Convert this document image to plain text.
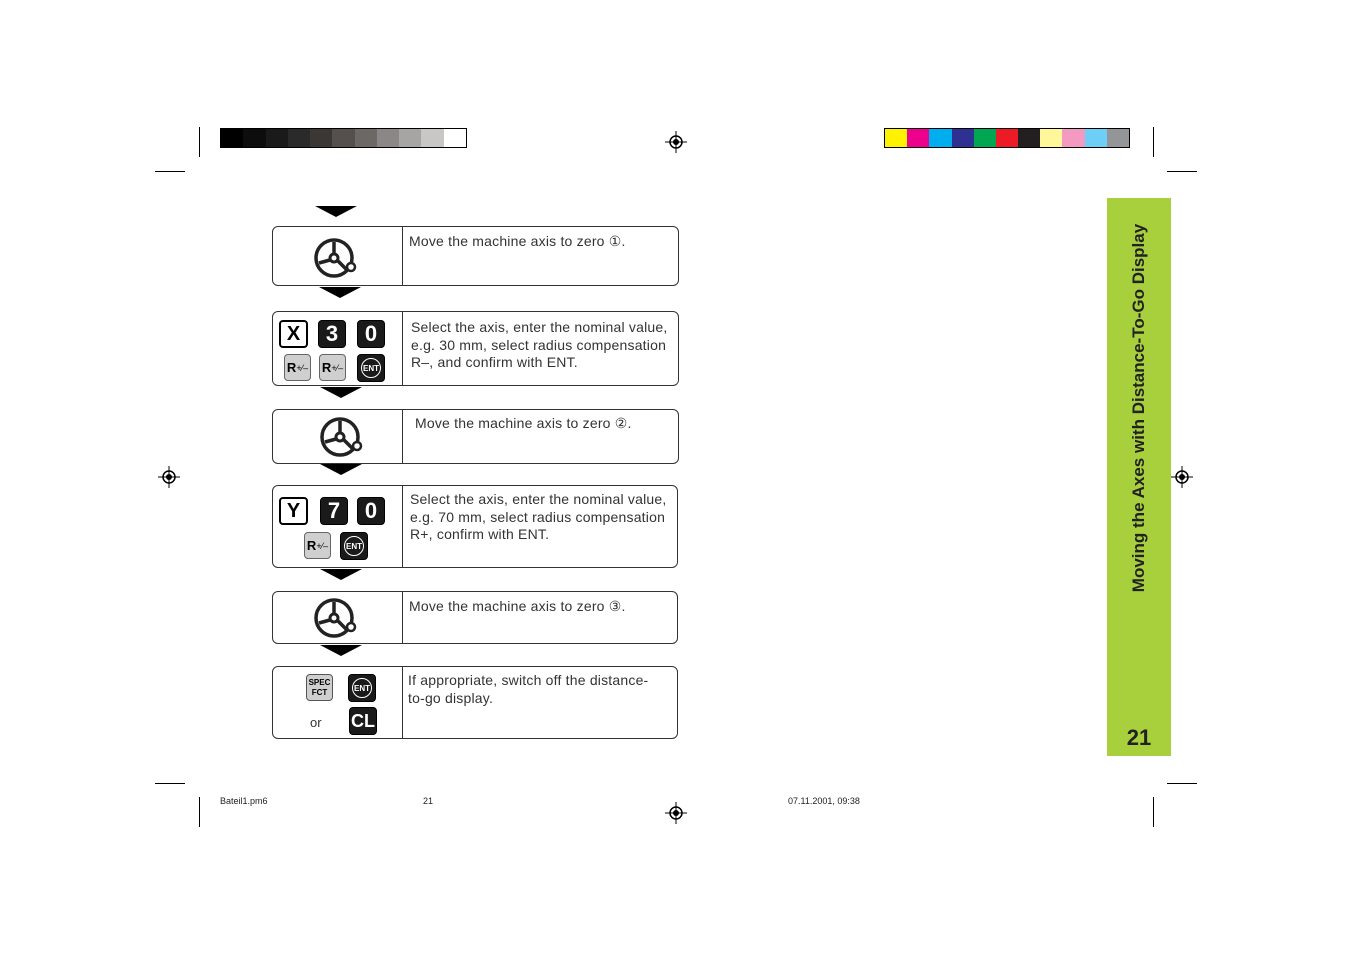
Move the machine axis to zero ①.
X	3	0
R +⁄– R +⁄– ENT
Select the axis, enter the nominal value, e.g. 30 mm, select radius compensation R–, and confirm with ENT.
Move the machine axis to zero ②.
Y	7	0
R +⁄– ENT
Select the axis, enter the nominal value, e.g. 70 mm, select radius compensation R+, confirm with ENT.
Move the machine axis to zero ③.
SPEC
FCT	ENT
or CL
If appropriate, switch off the distance-to-go display.
Moving the Axes with Distance-To-Go Display
21
Bateil1.pm6	21	07.11.2001, 09:38
